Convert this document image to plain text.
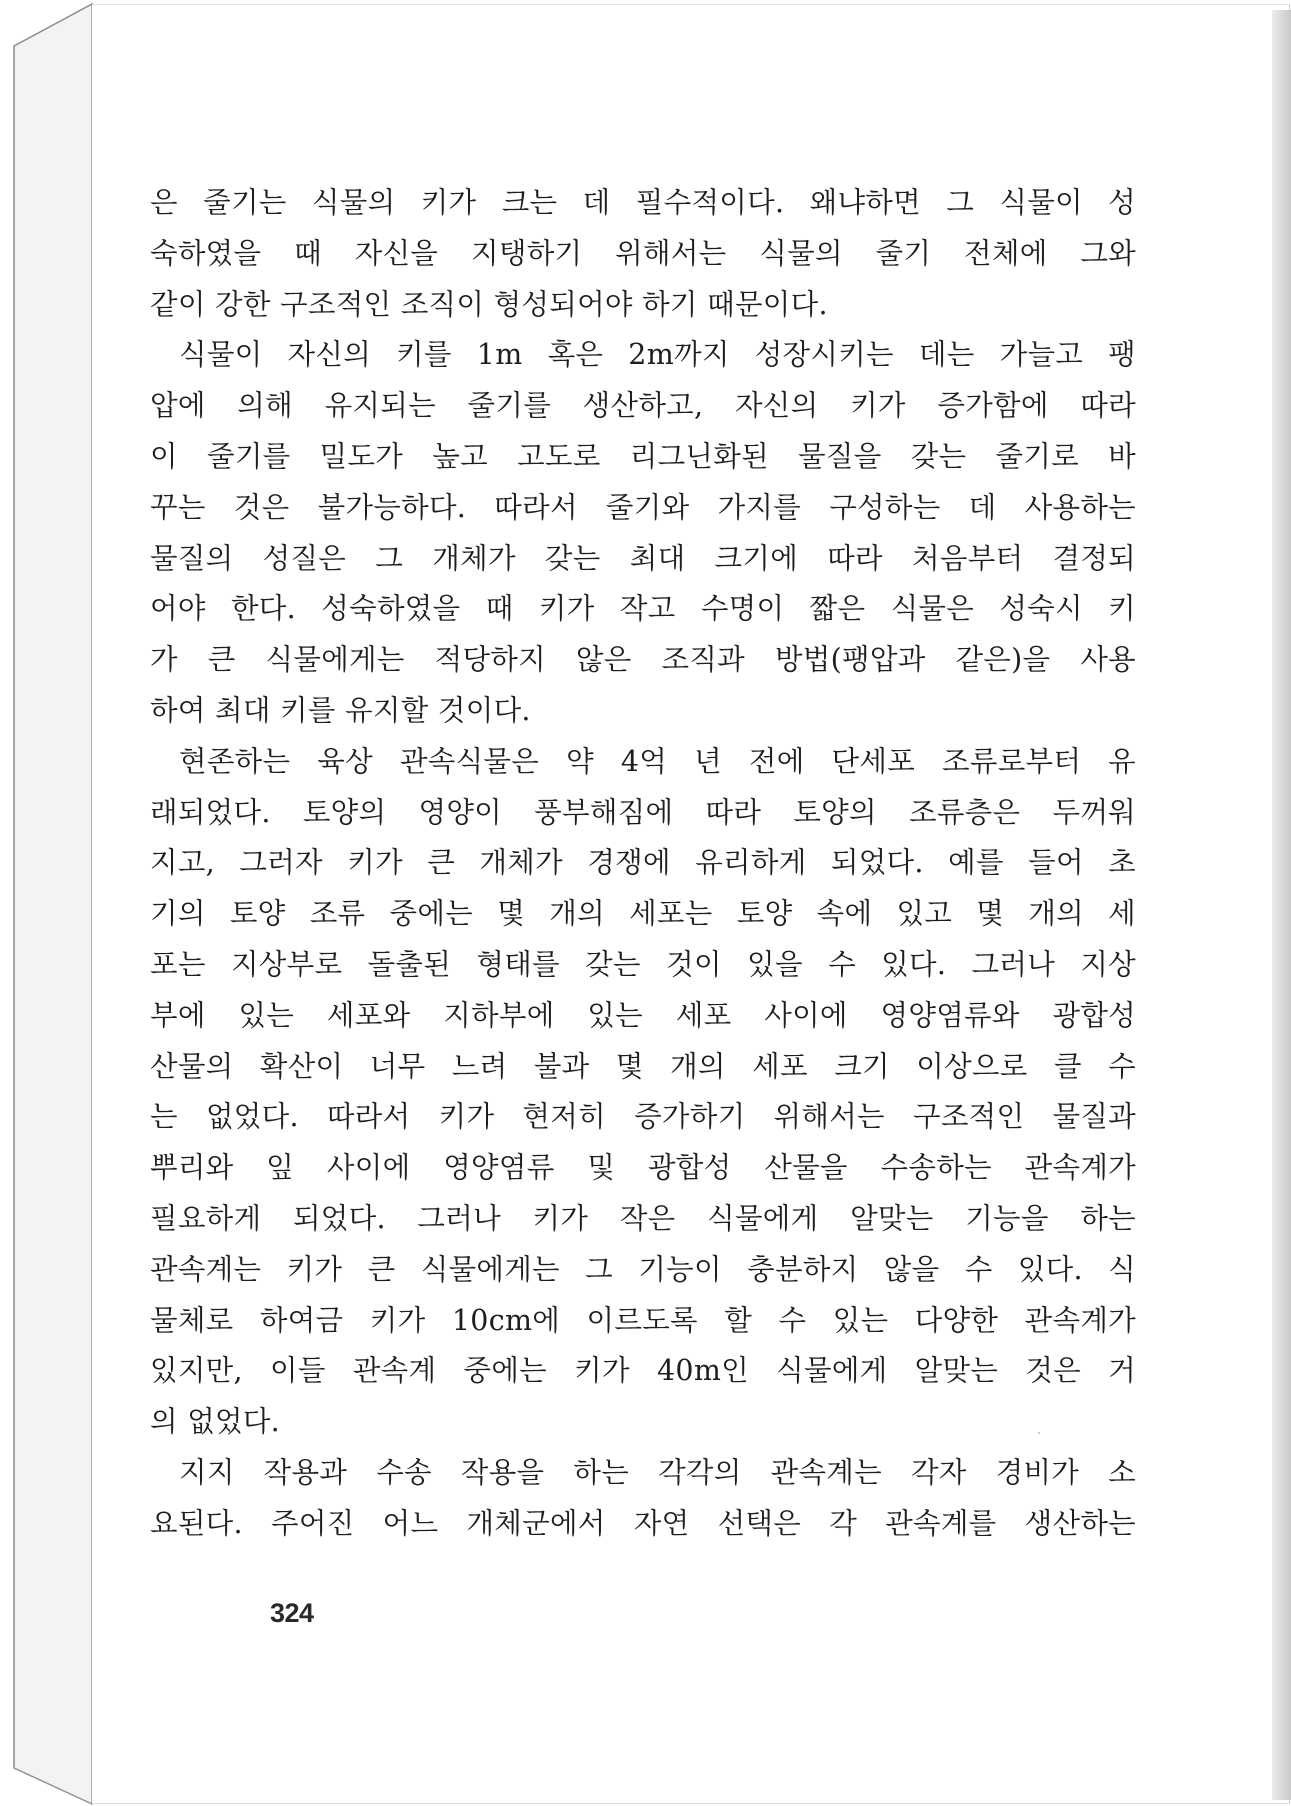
은 줄기는 식물의 키가 크는 데 필수적이다. 왜냐하면 그 식물이 성
숙하였을 때 자신을 지탱하기 위해서는 식물의 줄기 전체에 그와
같이 강한 구조적인 조직이 형성되어야 하기 때문이다.
식물이 자신의 키를 1m 혹은 2m까지 성장시키는 데는 가늘고 팽
압에 의해 유지되는 줄기를 생산하고, 자신의 키가 증가함에 따라
이 줄기를 밀도가 높고 고도로 리그닌화된 물질을 갖는 줄기로 바
꾸는 것은 불가능하다. 따라서 줄기와 가지를 구성하는 데 사용하는
물질의 성질은 그 개체가 갖는 최대 크기에 따라 처음부터 결정되
어야 한다. 성숙하였을 때 키가 작고 수명이 짧은 식물은 성숙시 키
가 큰 식물에게는 적당하지 않은 조직과 방법(팽압과 같은)을 사용
하여 최대 키를 유지할 것이다.
현존하는 육상 관속식물은 약 4억 년 전에 단세포 조류로부터 유
래되었다. 토양의 영양이 풍부해짐에 따라 토양의 조류층은 두꺼워
지고, 그러자 키가 큰 개체가 경쟁에 유리하게 되었다. 예를 들어 초
기의 토양 조류 중에는 몇 개의 세포는 토양 속에 있고 몇 개의 세
포는 지상부로 돌출된 형태를 갖는 것이 있을 수 있다. 그러나 지상
부에 있는 세포와 지하부에 있는 세포 사이에 영양염류와 광합성
산물의 확산이 너무 느려 불과 몇 개의 세포 크기 이상으로 클 수
는 없었다. 따라서 키가 현저히 증가하기 위해서는 구조적인 물질과
뿌리와 잎 사이에 영양염류 및 광합성 산물을 수송하는 관속계가
필요하게 되었다. 그러나 키가 작은 식물에게 알맞는 기능을 하는
관속계는 키가 큰 식물에게는 그 기능이 충분하지 않을 수 있다. 식
물체로 하여금 키가 10cm에 이르도록 할 수 있는 다양한 관속계가
있지만, 이들 관속계 중에는 키가 40m인 식물에게 알맞는 것은 거
의 없었다.
지지 작용과 수송 작용을 하는 각각의 관속계는 각자 경비가 소
요된다. 주어진 어느 개체군에서 자연 선택은 각 관속계를 생산하는
324
